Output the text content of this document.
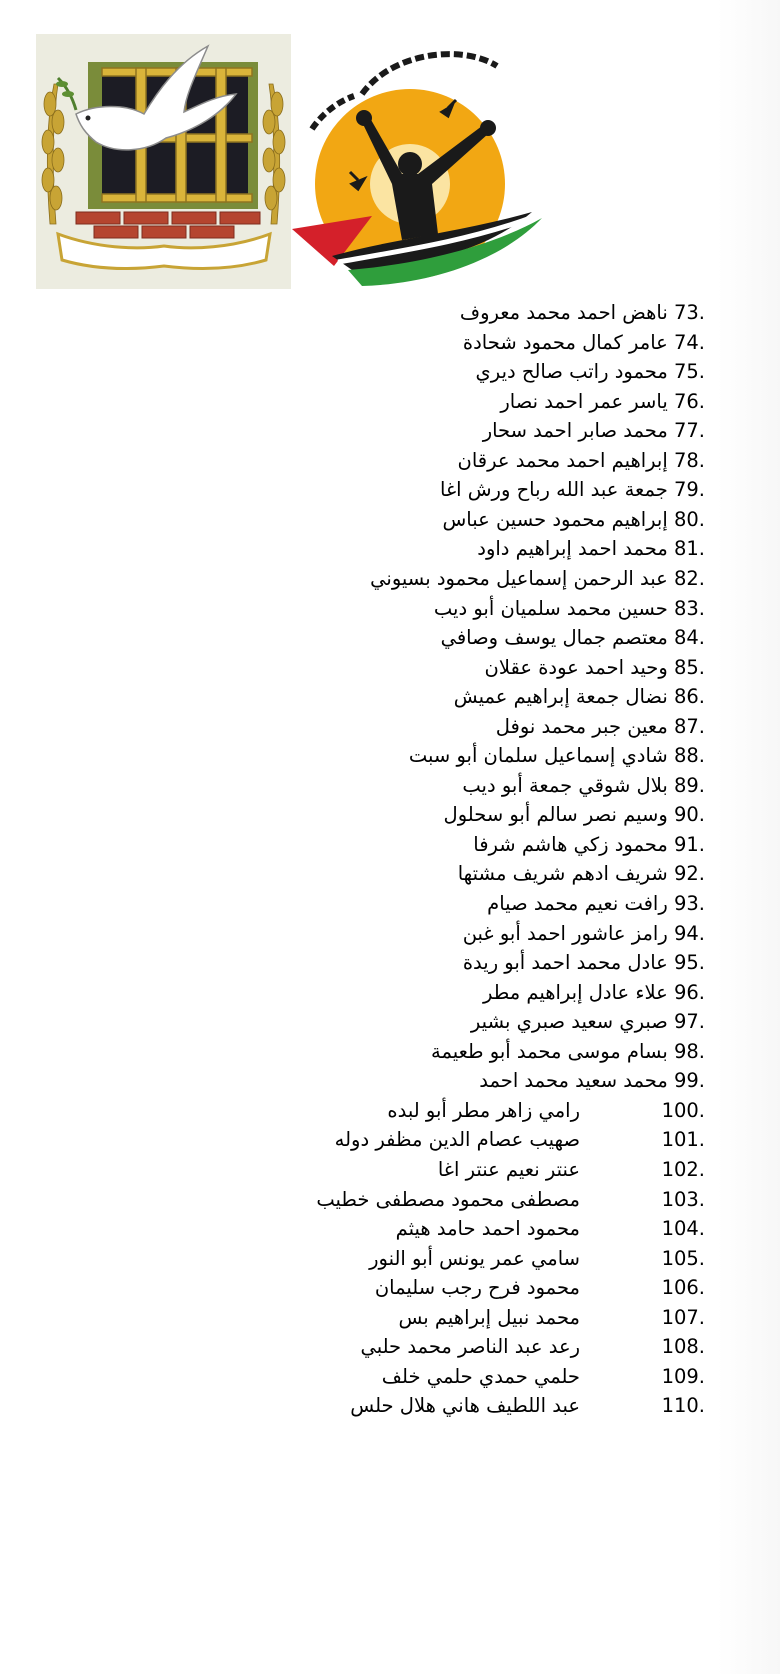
ناهض احمد محمد معروف 73.
عامر كمال محمود شحادة 74.
محمود راتب صالح ديري 75.
ياسر عمر احمد نصار 76.
محمد صابر احمد سحار 77.
إبراهيم احمد محمد عرقان 78.
جمعة عبد الله رباح ورش اغا 79.
إبراهيم محمود حسين عباس 80.
محمد احمد إبراهيم داود 81.
عبد الرحمن إسماعيل محمود بسيوني 82.
حسين محمد سلميان أبو ديب 83.
معتصم جمال يوسف وصافي 84.
وحيد احمد عودة عقلان 85.
نضال جمعة إبراهيم عميش 86.
معين جبر محمد نوفل 87.
شادي إسماعيل سلمان أبو سبت 88.
بلال شوقي جمعة أبو ديب 89.
وسيم نصر سالم أبو سحلول 90.
محمود زكي هاشم شرفا 91.
شريف ادهم شريف مشتها 92.
رافت نعيم محمد صيام 93.
رامز عاشور احمد أبو غبن 94.
عادل محمد احمد أبو ريدة 95.
علاء عادل إبراهيم مطر 96.
صبري سعيد صبري بشير 97.
بسام موسى محمد أبو طعيمة 98.
محمد سعيد محمد احمد 99.
رامي زاهر مطر أبو لبده	100.
صهيب عصام الدين مظفر دوله	101.
عنتر نعيم عنتر اغا	102.
مصطفى محمود مصطفى خطيب	103.
محمود احمد حامد هيثم	104.
سامي عمر يونس أبو النور	105.
محمود فرح رجب سليمان	106.
محمد نبيل إبراهيم بس	107.
رعد عبد الناصر محمد حلبي	108.
حلمي حمدي حلمي خلف	109.
عبد اللطيف هاني هلال حلس	110.
